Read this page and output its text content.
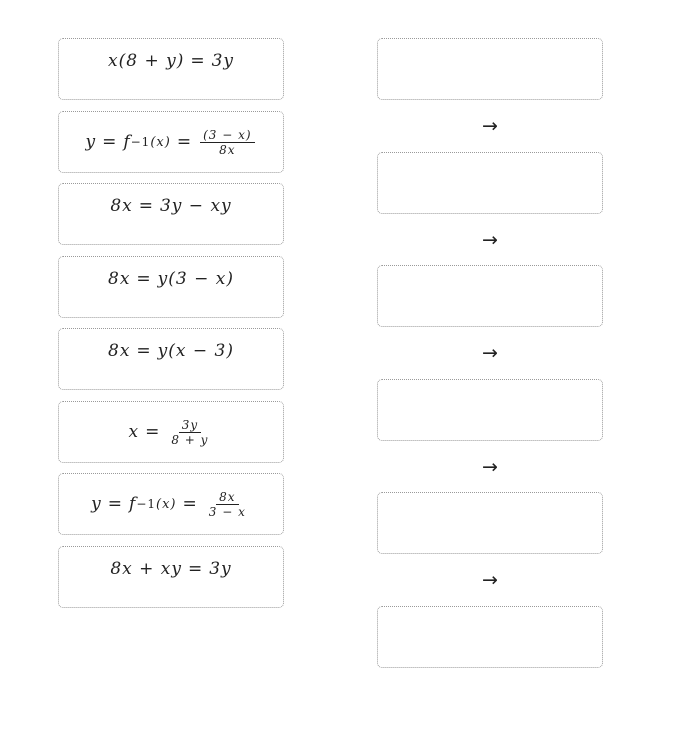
x(8 + y) = 3y
y = f −1 $(x) = \frac{(3 - x)}{8x}$
8x = 3y − xy
8x = y(3 − x)
8x = y(x − 3)
$x = \frac{3y}{8 + y}$
y = f −1 $(x) = \frac{8x}{3 - x}$
8x + xy = 3y
→
→
→
→
→
